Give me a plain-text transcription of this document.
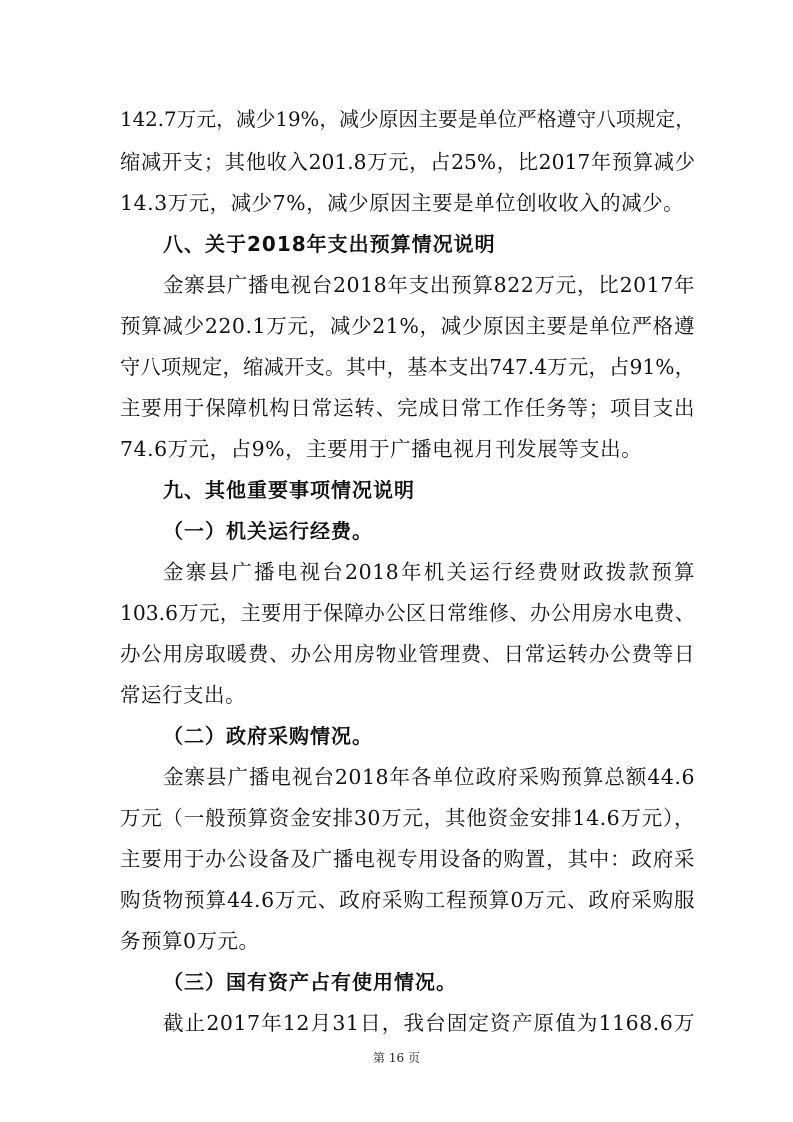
142.7万元，减少19%，减少原因主要是单位严格遵守八项规定，
缩减开支；其他收入201.8万元，占25%，比2017年预算减少
14.3万元，减少7%，减少原因主要是单位创收收入的减少。
八、关于2018年支出预算情况说明
金寨县广播电视台2018年支出预算822万元，比2017年
预算减少220.1万元，减少21%，减少原因主要是单位严格遵
守八项规定，缩减开支。其中，基本支出747.4万元，占91%，
主要用于保障机构日常运转、完成日常工作任务等；项目支出
74.6万元，占9%，主要用于广播电视月刊发展等支出。
九、其他重要事项情况说明
（一）机关运行经费。
金寨县广播电视台2018年机关运行经费财政拨款预算
103.6万元，主要用于保障办公区日常维修、办公用房水电费、
办公用房取暖费、办公用房物业管理费、日常运转办公费等日
常运行支出。
（二）政府采购情况。
金寨县广播电视台2018年各单位政府采购预算总额44.6
万元（一般预算资金安排30万元，其他资金安排14.6万元），
主要用于办公设备及广播电视专用设备的购置，其中：政府采
购货物预算44.6万元、政府采购工程预算0万元、政府采购服
务预算0万元。
（三）国有资产占有使用情况。
截止2017年12月31日，我台固定资产原值为1168.6万
第 16 页
